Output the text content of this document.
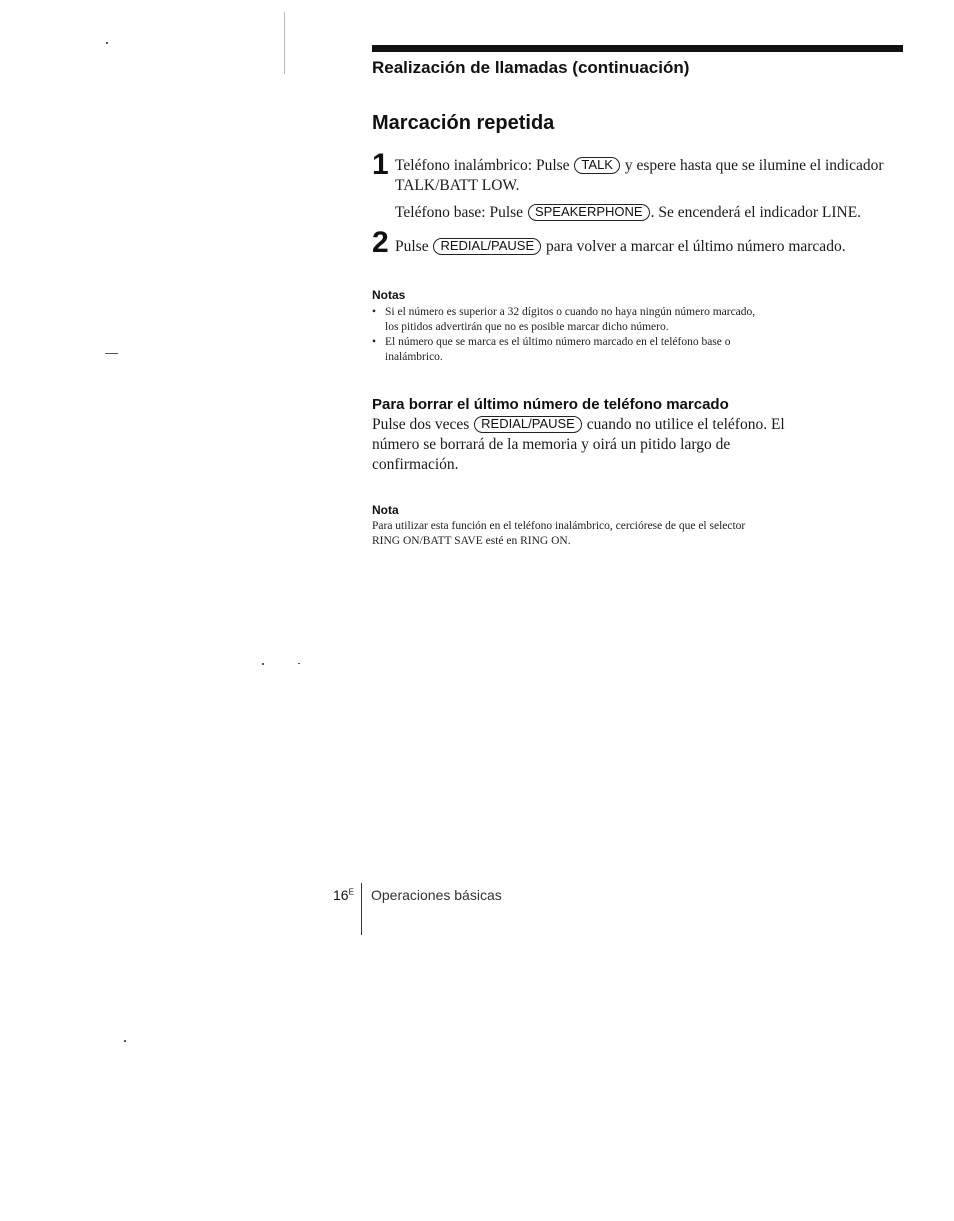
Realización de llamadas (continuación)
Marcación repetida
1 Teléfono inalámbrico: Pulse TALK y espere hasta que se ilumine el indicador
TALK/BATT LOW.
Teléfono base: Pulse SPEAKERPHONE . Se encenderá el indicador LINE.
2 Pulse REDIAL/PAUSE para volver a marcar el último número marcado.
Notas
• Si el número es superior a 32 dígitos o cuando no haya ningún número marcado,
los pitidos advertirán que no es posible marcar dicho número.
• El número que se marca es el último número marcado en el teléfono base o
inalámbrico.
Para borrar el último número de teléfono marcado
Pulse dos veces REDIAL/PAUSE cuando no utilice el teléfono. El
número se borrará de la memoria y oirá un pitido largo de
confirmación.
Nota
Para utilizar esta función en el teléfono inalámbrico, cerciórese de que el selector
RING ON/BATT SAVE esté en RING ON.
$16^E$ Operaciones básicas
